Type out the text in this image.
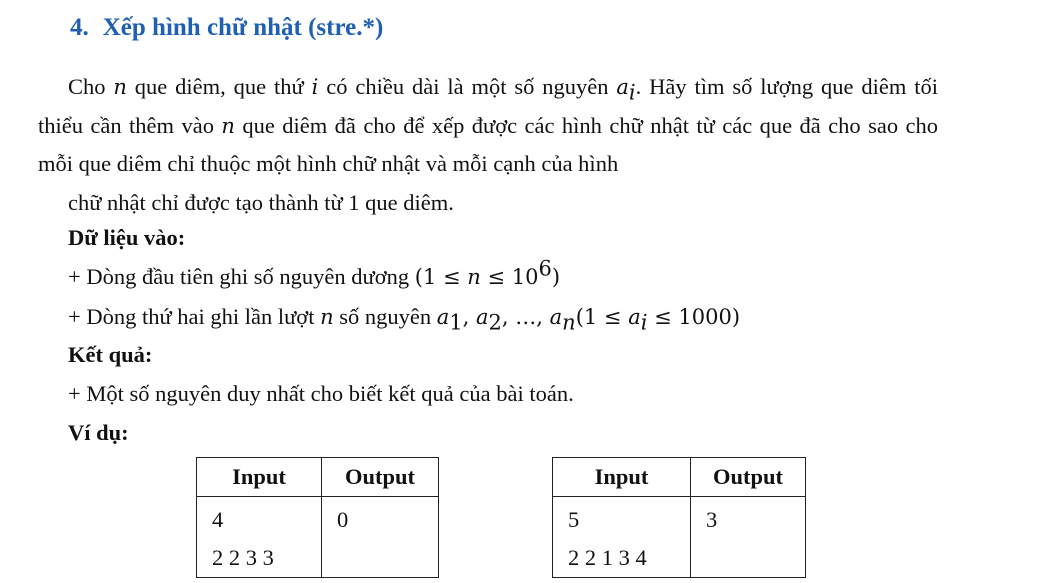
4. Xếp hình chữ nhật (stre.*)
Cho n que diêm, que thứ i có chiều dài là một số nguyên $a_i$. Hãy tìm số lượng que diêm tối thiểu cần thêm vào n que diêm đã cho để xếp được các hình chữ nhật từ các que đã cho sao cho mỗi que diêm chỉ thuộc một hình chữ nhật và mỗi cạnh của hình
chữ nhật chỉ được tạo thành từ 1 que diêm.
Dữ liệu vào:
+ Dòng đầu tiên ghi số nguyên dương $(1 \le n \le 10^6)$
+ Dòng thứ hai ghi lần lượt n số nguyên $a_1$, $a_2$, …, $a_n(1 \le a_i \le 1000)$
Kết quả:
+ Một số nguyên duy nhất cho biết kết quả của bài toán.
Ví dụ:
Input	Output

4
2 2 3 3	0
Input	Output

5
2 2 1 3 4	3
